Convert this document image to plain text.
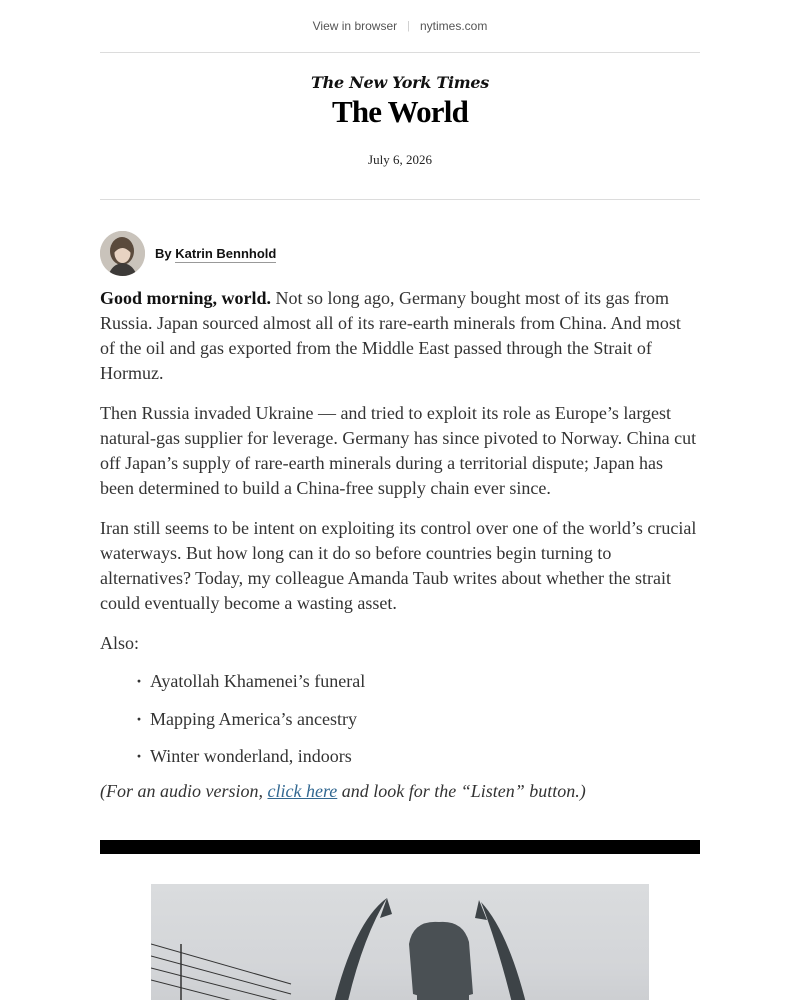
View in browser | nytimes.com
The New York Times
The World
July 6, 2026
By Katrin Bennhold

Good morning, world. Not so long ago, Germany bought most of its gas from Russia. Japan sourced almost all of its rare-earth minerals from China. And most of the oil and gas exported from the Middle East passed through the Strait of Hormuz.

Then Russia invaded Ukraine — and tried to exploit its role as Europe’s largest natural-gas supplier for leverage. Germany has since pivoted to Norway. China cut off Japan’s supply of rare-earth minerals during a territorial dispute; Japan has been determined to build a China-free supply chain ever since.

Iran still seems to be intent on exploiting its control over one of the world’s crucial waterways. But how long can it do so before countries begin turning to alternatives? Today, my colleague Amanda Taub writes about whether the strait could eventually become a wasting asset.

Also:

· Ayatollah Khamenei’s funeral
· Mapping America’s ancestry
· Winter wonderland, indoors

(For an audio version, click here and look for the “Listen” button.)
